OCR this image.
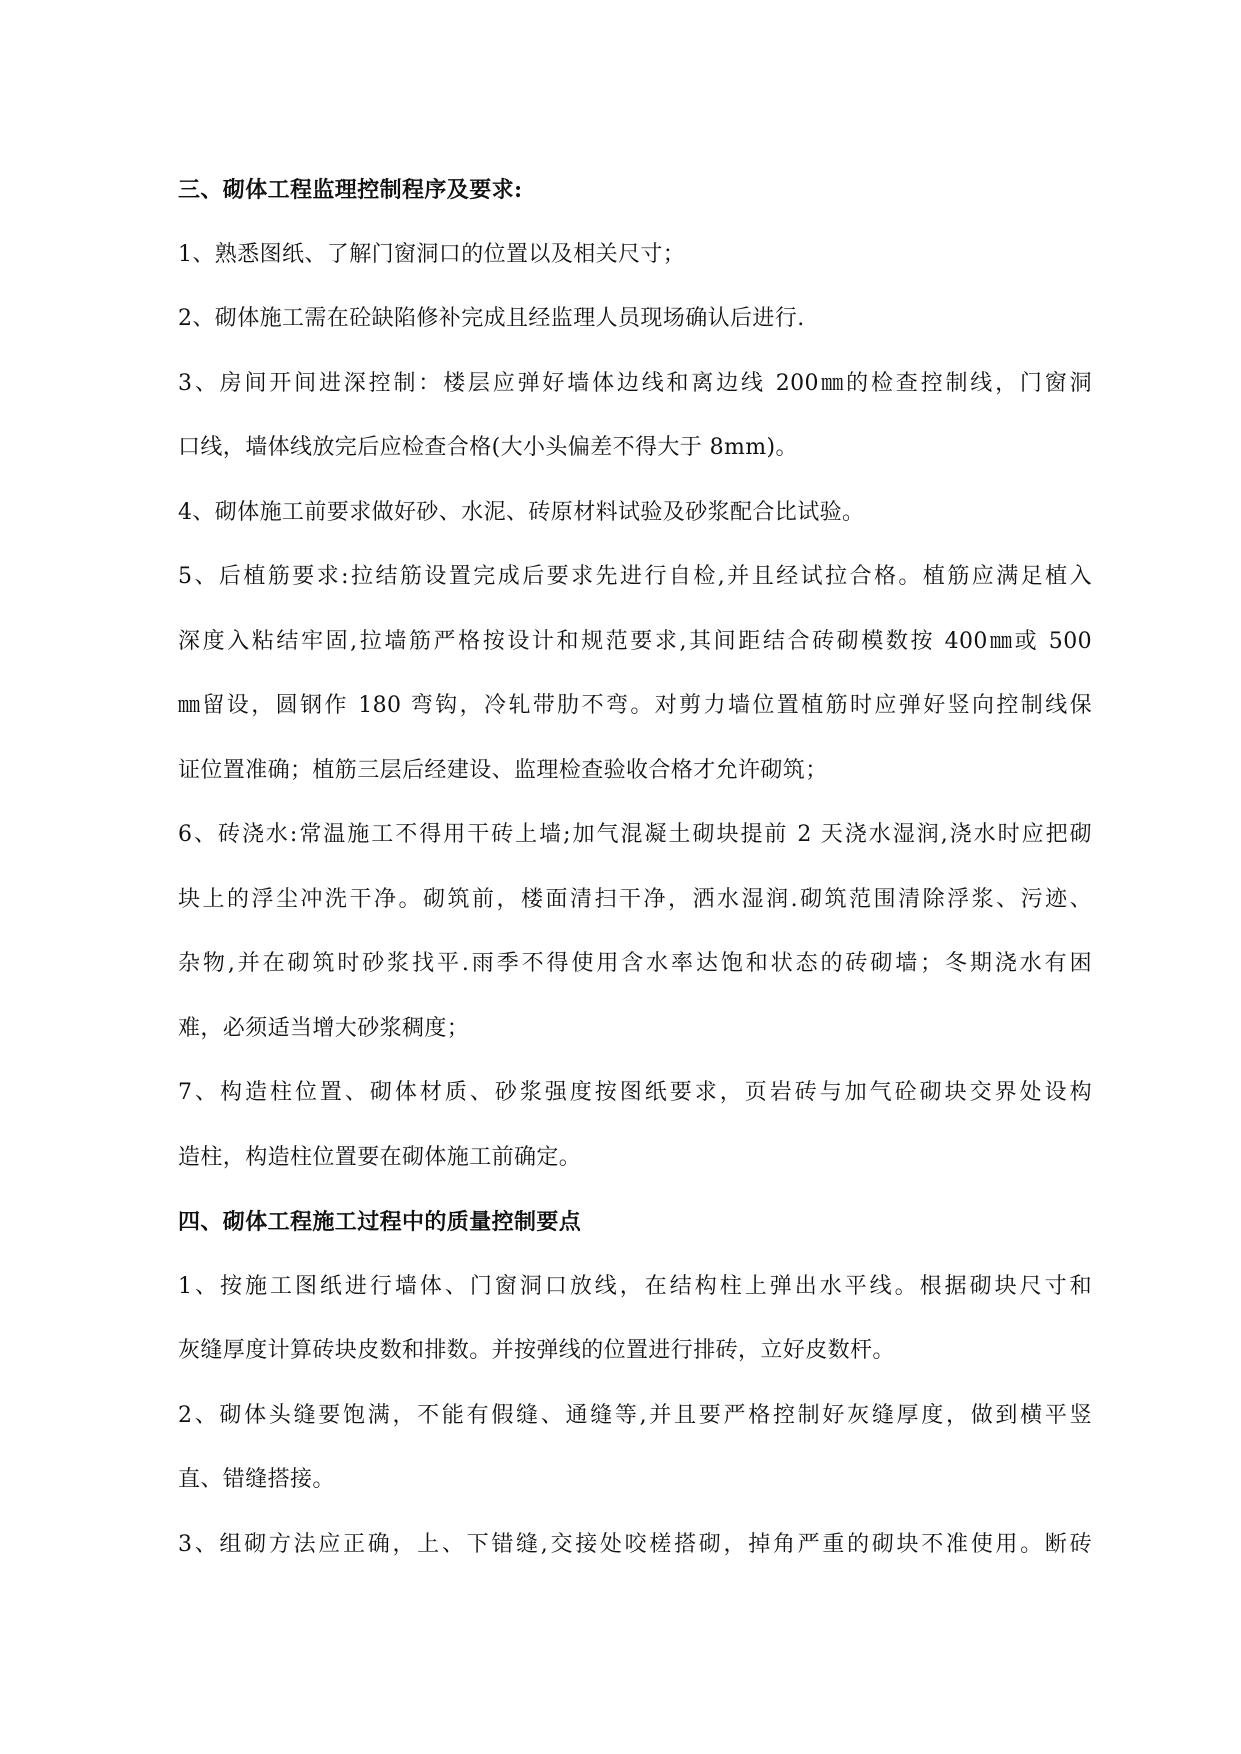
三、砌体工程监理控制程序及要求:
1、熟悉图纸、了解门窗洞口的位置以及相关尺寸；
2、砌体施工需在砼缺陷修补完成且经监理人员现场确认后进行.
3、房间开间进深控制：楼层应弹好墙体边线和离边线 200㎜的检查控制线，门窗洞
口线，墙体线放完后应检查合格(大小头偏差不得大于 8mm)。
4、砌体施工前要求做好砂、水泥、砖原材料试验及砂浆配合比试验。
5、后植筋要求:拉结筋设置完成后要求先进行自检,并且经试拉合格。植筋应满足植入
深度入粘结牢固,拉墙筋严格按设计和规范要求,其间距结合砖砌模数按 400㎜或 500
㎜留设，圆钢作 180 弯钩，冷轧带肋不弯。对剪力墙位置植筋时应弹好竖向控制线保
证位置准确；植筋三层后经建设、监理检查验收合格才允许砌筑；
6、砖浇水:常温施工不得用干砖上墙;加气混凝土砌块提前 2 天浇水湿润,浇水时应把砌
块上的浮尘冲洗干净。砌筑前，楼面清扫干净，洒水湿润.砌筑范围清除浮浆、污迹、
杂物,并在砌筑时砂浆找平.雨季不得使用含水率达饱和状态的砖砌墙；冬期浇水有困
难，必须适当增大砂浆稠度；
7、构造柱位置、砌体材质、砂浆强度按图纸要求，页岩砖与加气砼砌块交界处设构
造柱，构造柱位置要在砌体施工前确定。
四、砌体工程施工过程中的质量控制要点
1、按施工图纸进行墙体、门窗洞口放线，在结构柱上弹出水平线。根据砌块尺寸和
灰缝厚度计算砖块皮数和排数。并按弹线的位置进行排砖，立好皮数杆。
2、砌体头缝要饱满，不能有假缝、通缝等,并且要严格控制好灰缝厚度，做到横平竖
直、错缝搭接。
3、组砌方法应正确，上、下错缝,交接处咬槎搭砌，掉角严重的砌块不准使用。断砖
